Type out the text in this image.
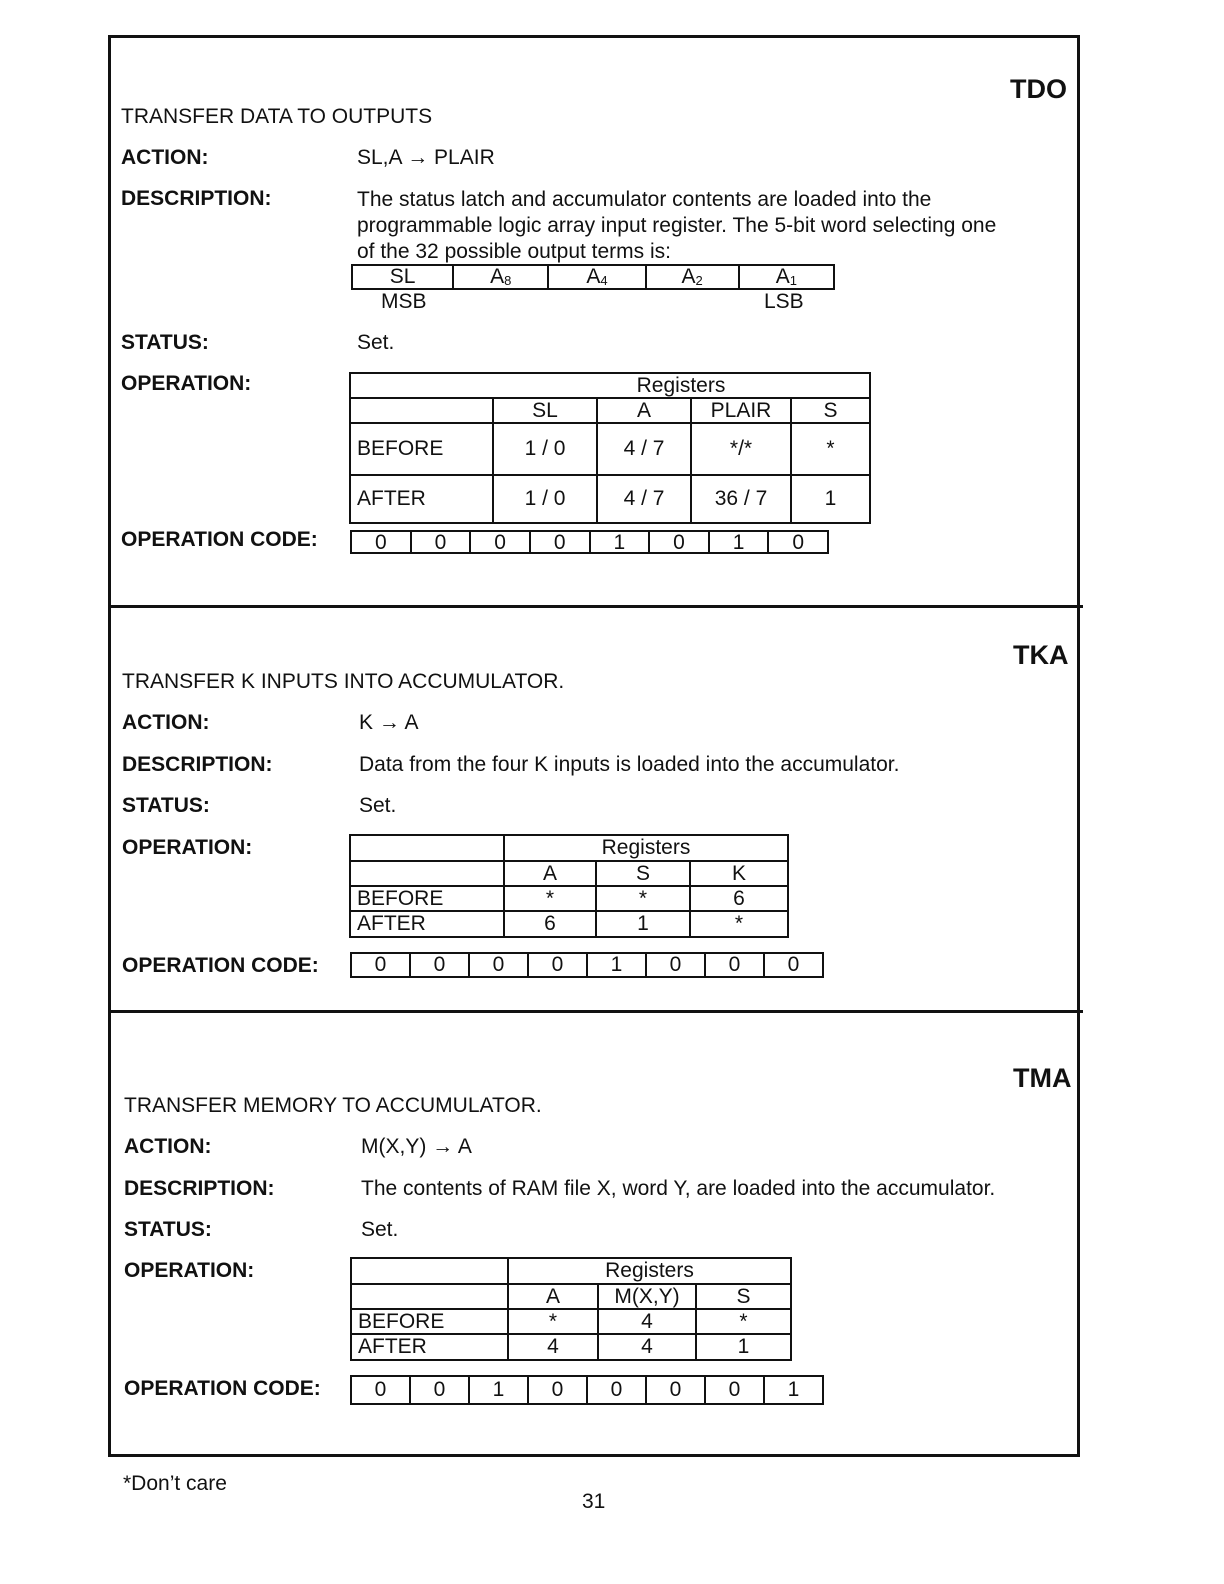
TDO
TRANSFER DATA TO OUTPUTS
ACTION:	SL,A → PLAIR
DESCRIPTION:	The status latch and accumulator contents are loaded into the programmable logic array input register. The 5-bit word selecting one of the 32 possible output terms is:
SL	$A_8$	$A_4$	$A_2$	$A_1$
MSB	LSB
STATUS:	Set.
OPERATION:
		Registers			
	SL	A	PLAIR	S
BEFORE	1 / 0	4 / 7	*/*	*
AFTER	1 / 0	4 / 7	36 / 7	1
OPERATION CODE:	0	0	0	0	1	0	1	0
TKA
TRANSFER K INPUTS INTO ACCUMULATOR.
ACTION:	K → A
DESCRIPTION:	Data from the four K inputs is loaded into the accumulator.
STATUS:	Set.
OPERATION:
		Registers		
	A	S	K
BEFORE	*	*	6
AFTER	6	1	*
OPERATION CODE:	0	0	0	0	1	0	0	0
TMA
TRANSFER MEMORY TO ACCUMULATOR.
ACTION:	M(X,Y) → A
DESCRIPTION:	The contents of RAM file X, word Y, are loaded into the accumulator.
STATUS:	Set.
OPERATION:
		Registers		
	A	M(X,Y)	S
BEFORE	*	4	*
AFTER	4	4	1
OPERATION CODE:	0	0	1	0	0	0	0	1
*Don’t care
31
